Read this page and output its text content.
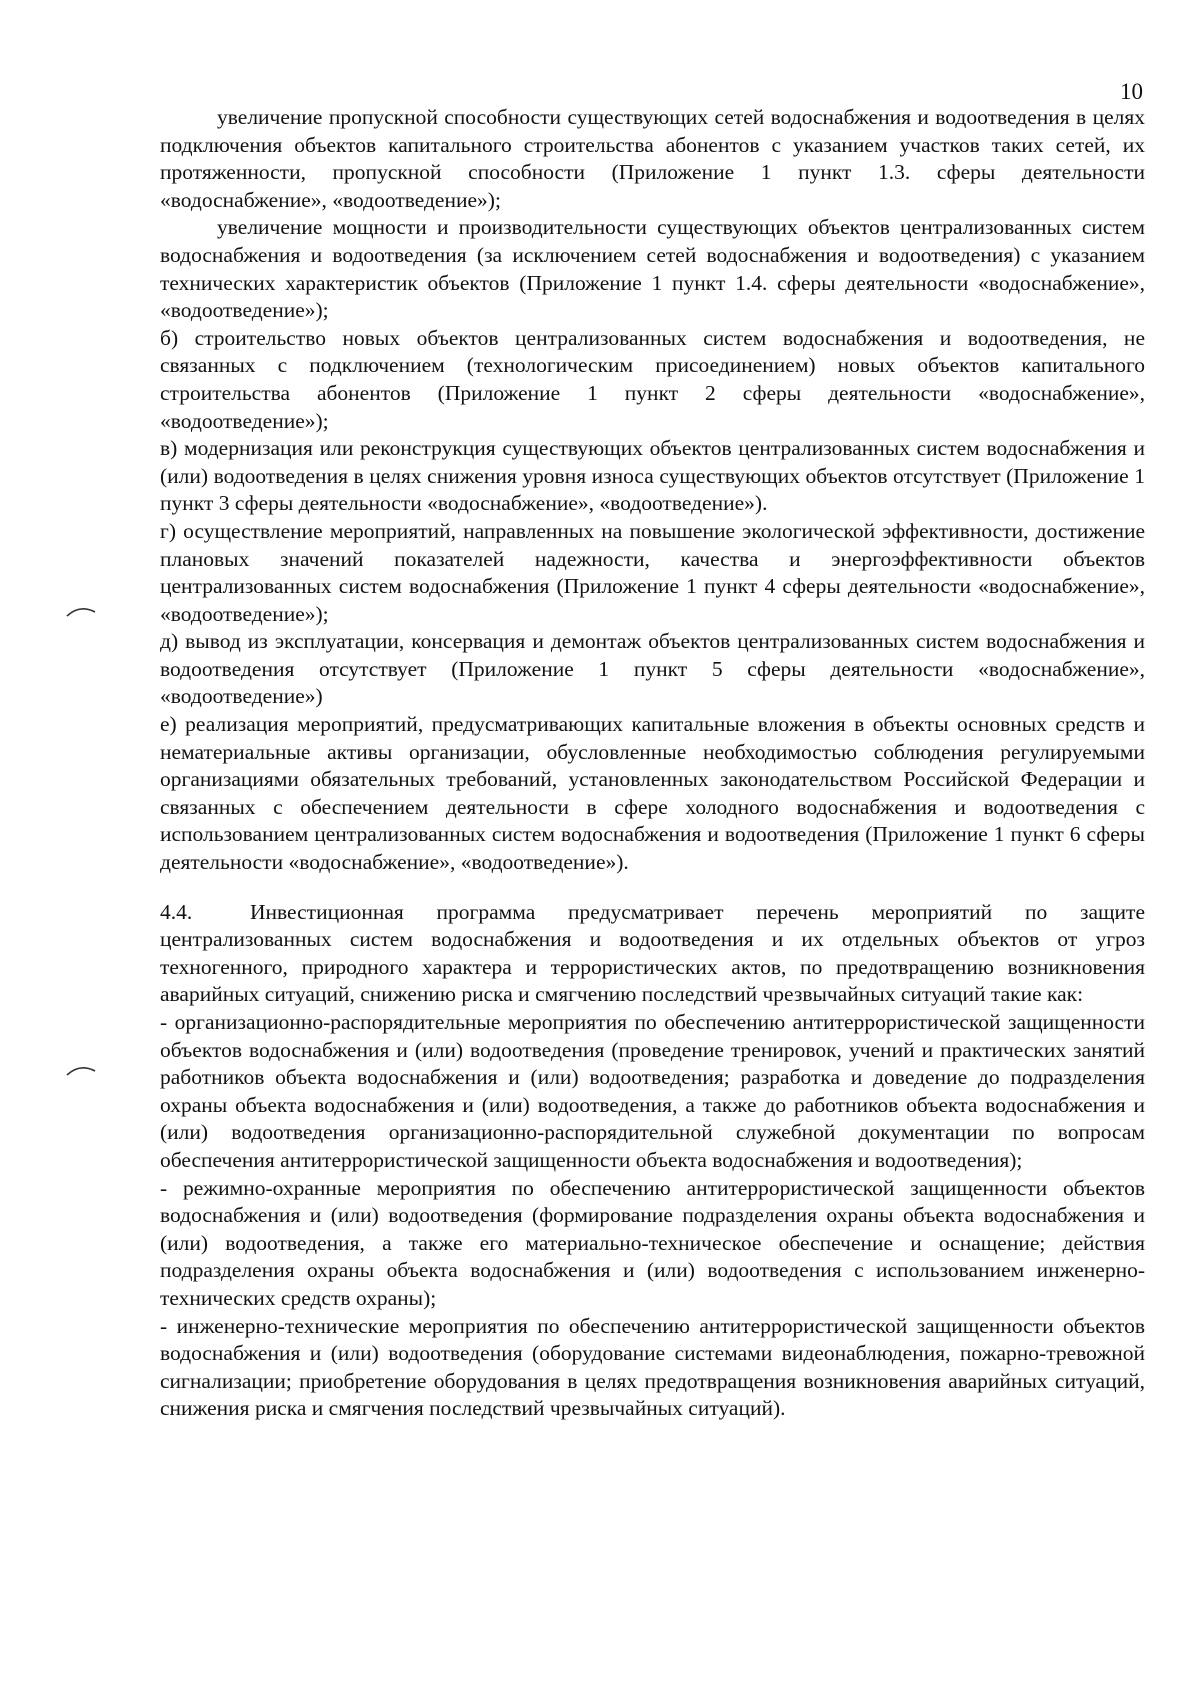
10

увеличение пропускной способности существующих сетей водоснабжения и водоотведения в целях подключения объектов капитального строительства абонентов с указанием участков таких сетей, их протяженности, пропускной способности (Приложение 1 пункт 1.3. сферы деятельности «водоснабжение», «водоотведение»);

увеличение мощности и производительности существующих объектов централизованных систем водоснабжения и водоотведения (за исключением сетей водоснабжения и водоотведения) с указанием технических характеристик объектов (Приложение 1 пункт 1.4. сферы деятельности «водоснабжение», «водоотведение»);

б) строительство новых объектов централизованных систем водоснабжения и водоотведения, не связанных с подключением (технологическим присоединением) новых объектов капитального строительства абонентов (Приложение 1 пункт 2 сферы деятельности «водоснабжение», «водоотведение»);

в) модернизация или реконструкция существующих объектов централизованных систем водоснабжения и (или) водоотведения в целях снижения уровня износа существующих объектов отсутствует (Приложение 1 пункт 3 сферы деятельности «водоснабжение», «водоотведение»).

г) осуществление мероприятий, направленных на повышение экологической эффективности, достижение плановых значений показателей надежности, качества и энергоэффективности объектов централизованных систем водоснабжения (Приложение 1 пункт 4 сферы деятельности «водоснабжение», «водоотведение»);

д) вывод из эксплуатации, консервация и демонтаж объектов централизованных систем водоснабжения и водоотведения отсутствует (Приложение 1 пункт 5 сферы деятельности «водоснабжение», «водоотведение»)

е) реализация мероприятий, предусматривающих капитальные вложения в объекты основных средств и нематериальные активы организации, обусловленные необходимостью соблюдения регулируемыми организациями обязательных требований, установленных законодательством Российской Федерации и связанных с обеспечением деятельности в сфере холодного водоснабжения и водоотведения с использованием централизованных систем водоснабжения и водоотведения (Приложение 1 пункт 6 сферы деятельности «водоснабжение», «водоотведение»).

4.4.	Инвестиционная программа предусматривает перечень мероприятий по защите централизованных систем водоснабжения и водоотведения и их отдельных объектов от угроз техногенного, природного характера и террористических актов, по предотвращению возникновения аварийных ситуаций, снижению риска и смягчению последствий чрезвычайных ситуаций такие как:

- организационно-распорядительные мероприятия по обеспечению антитеррористической защищенности объектов водоснабжения и (или) водоотведения (проведение тренировок, учений и практических занятий работников объекта водоснабжения и (или) водоотведения; разработка и доведение до подразделения охраны объекта водоснабжения и (или) водоотведения, а также до работников объекта водоснабжения и (или) водоотведения организационно-распорядительной служебной документации по вопросам обеспечения антитеррористической защищенности объекта водоснабжения и водоотведения);

- режимно-охранные мероприятия по обеспечению антитеррористической защищенности объектов водоснабжения и (или) водоотведения (формирование подразделения охраны объекта водоснабжения и (или) водоотведения, а также его материально-техническое обеспечение и оснащение; действия подразделения охраны объекта водоснабжения и (или) водоотведения с использованием инженерно-технических средств охраны);

- инженерно-технические мероприятия по обеспечению антитеррористической защищенности объектов водоснабжения и (или) водоотведения (оборудование системами видеонаблюдения, пожарно-тревожной сигнализации; приобретение оборудования в целях предотвращения возникновения аварийных ситуаций, снижения риска и смягчения последствий чрезвычайных ситуаций).
